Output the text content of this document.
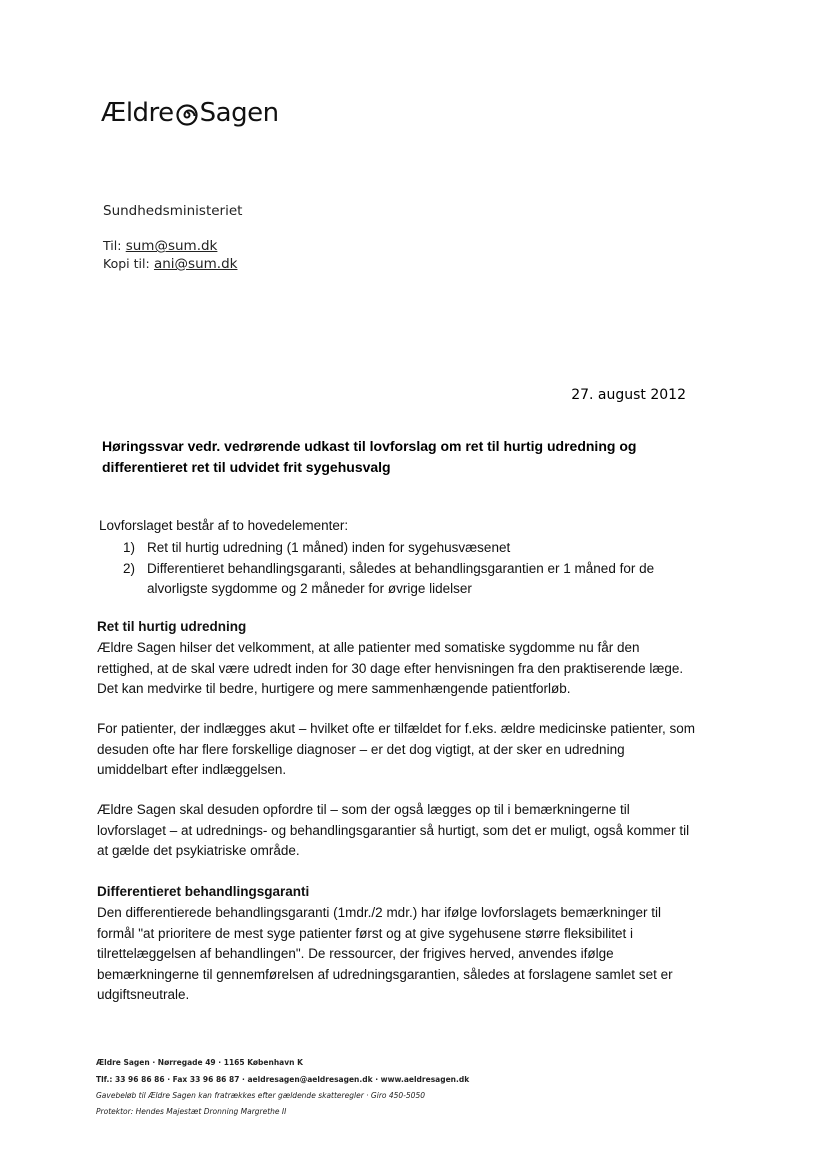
Ældre Sagen
Sundhedsministeriet
Til: sum@sum.dk
Kopi til: ani@sum.dk
27. august 2012
Høringssvar vedr. vedrørende udkast til lovforslag om ret til hurtig udredning og differentieret ret til udvidet frit sygehusvalg
Lovforslaget består af to hovedelementer:
1) Ret til hurtig udredning (1 måned) inden for sygehusvæsenet
2) Differentieret behandlingsgaranti, således at behandlingsgarantien er 1 måned for de alvorligste sygdomme og 2 måneder for øvrige lidelser
Ret til hurtig udredning
Ældre Sagen hilser det velkomment, at alle patienter med somatiske sygdomme nu får den rettighed, at de skal være udredt inden for 30 dage efter henvisningen fra den praktiserende læge. Det kan medvirke til bedre, hurtigere og mere sammenhængende patientforløb.
For patienter, der indlægges akut – hvilket ofte er tilfældet for f.eks. ældre medicinske patienter, som desuden ofte har flere forskellige diagnoser – er det dog vigtigt, at der sker en udredning umiddelbart efter indlæggelsen.
Ældre Sagen skal desuden opfordre til – som der også lægges op til i bemærkningerne til lovforslaget – at udrednings- og behandlingsgarantier så hurtigt, som det er muligt, også kommer til at gælde det psykiatriske område.
Differentieret behandlingsgaranti
Den differentierede behandlingsgaranti (1mdr./2 mdr.) har ifølge lovforslagets bemærkninger til formål "at prioritere de mest syge patienter først og at give sygehusene større fleksibilitet i tilrettelæggelsen af behandlingen". De ressourcer, der frigives herved, anvendes ifølge bemærkningerne til gennemførelsen af udredningsgarantien, således at forslagene samlet set er udgiftsneutrale.
Ældre Sagen · Nørregade 49 · 1165 København K
Tlf.: 33 96 86 86 · Fax 33 96 86 87 · aeldresagen@aeldresagen.dk · www.aeldresagen.dk
Gavebeløb til Ældre Sagen kan fratrækkes efter gældende skatteregler · Giro 450-5050
Protektor: Hendes Majestæt Dronning Margrethe II
